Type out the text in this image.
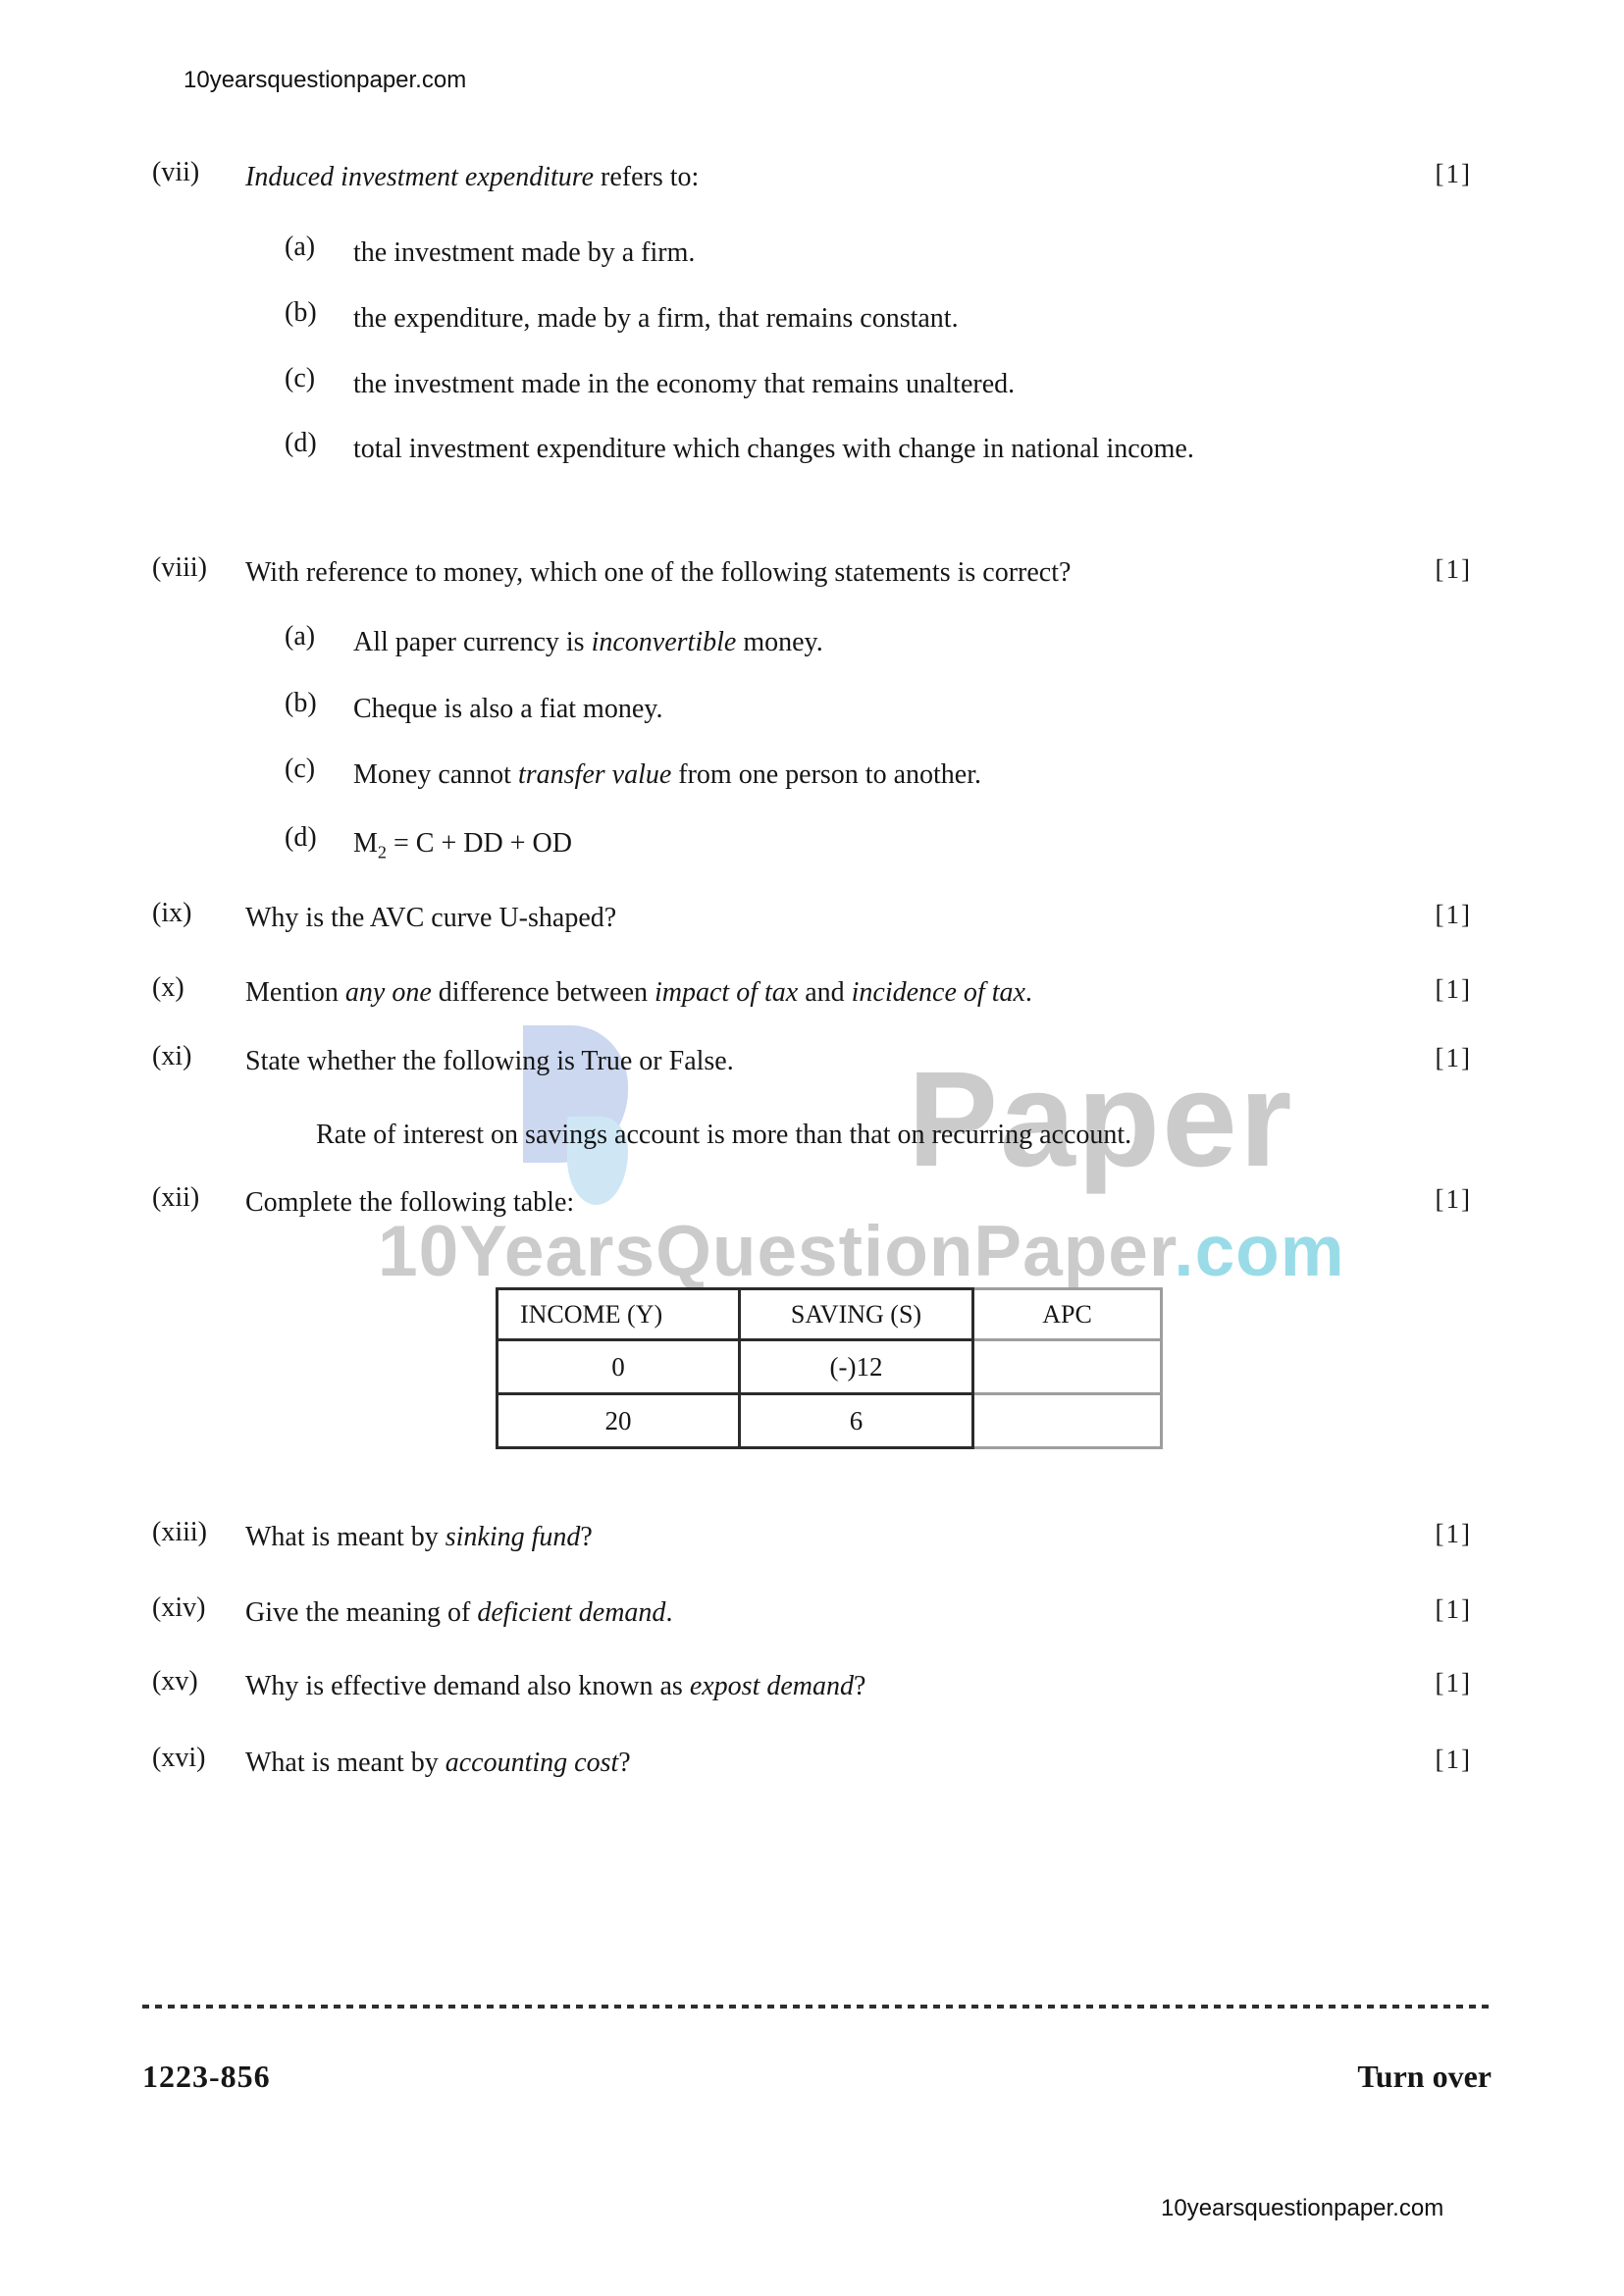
Paper
10YearsQuestionPaper.com
10yearsquestionpaper.com
(vii) Induced investment expenditure refers to:	[1]
(a) the investment made by a firm.
(b) the expenditure, made by a firm, that remains constant.
(c) the investment made in the economy that remains unaltered.
(d) total investment expenditure which changes with change in national income.
(viii) With reference to money, which one of the following statements is correct?	[1]
(a) All paper currency is inconvertible money.
(b) Cheque is also a fiat money.
(c) Money cannot transfer value from one person to another.
(d) $M_2 = C$ + DD + OD
(ix) Why is the AVC curve U-shaped?	[1]
(x) Mention any one difference between impact of tax and incidence of tax.	[1]
(xi) State whether the following is True or False.	[1]
Rate of interest on savings account is more than that on recurring account.
(xii) Complete the following table:	[1]
INCOME (Y)	SAVING (S)	APC
0	(-)12	
20	6	
(xiii) What is meant by sinking fund?	[1]
(xiv) Give the meaning of deficient demand.	[1]
(xv) Why is effective demand also known as expost demand?	[1]
(xvi) What is meant by accounting cost?	[1]
1223-856	Turn over
10yearsquestionpaper.com
